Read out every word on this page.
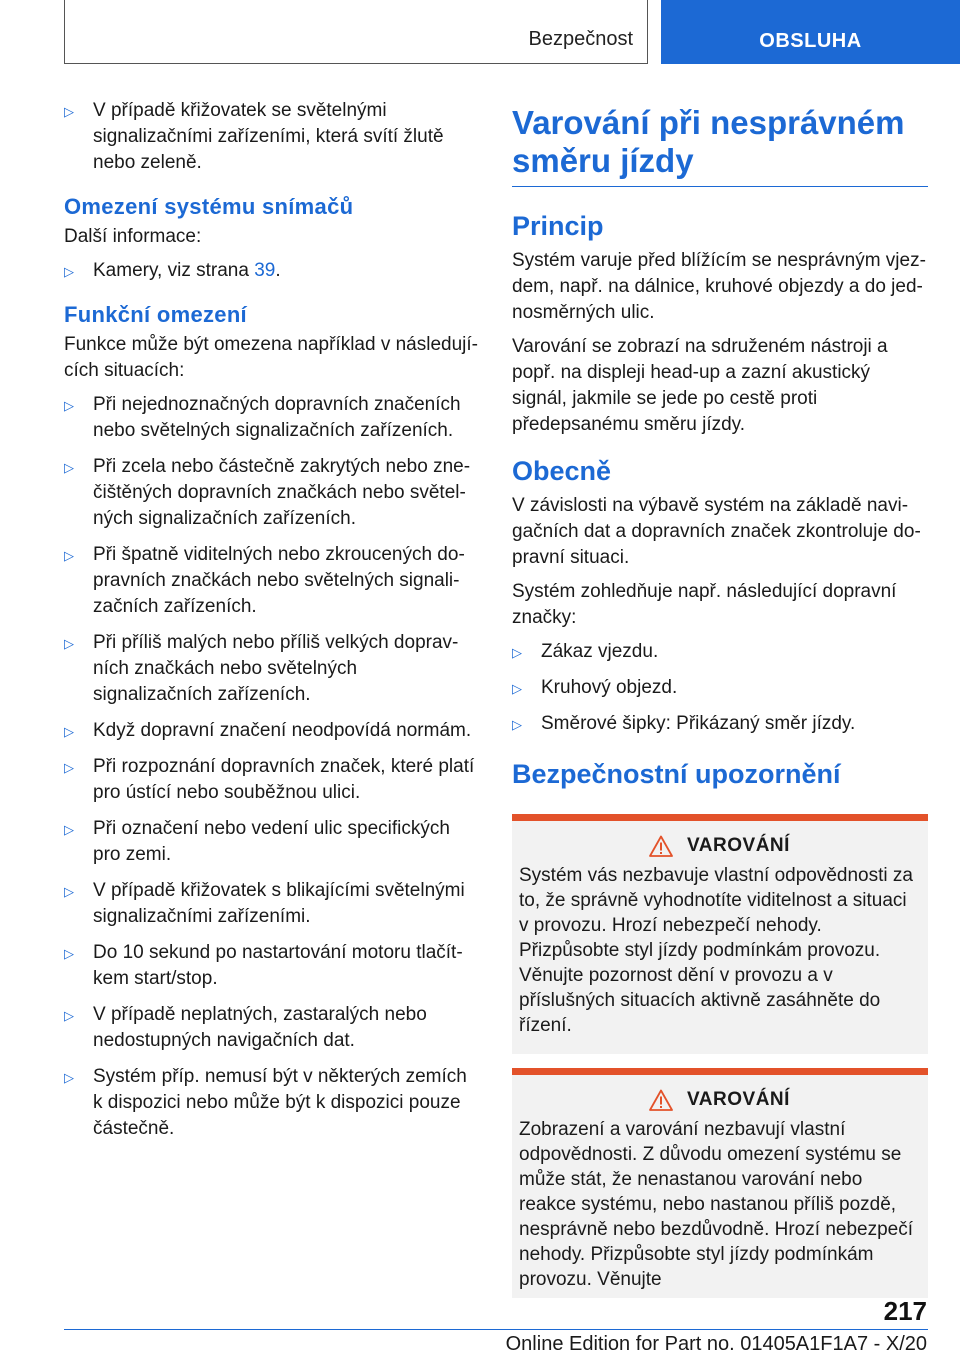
Bezpečnost	OBSLUHA
▷ V případě křižovatek se světelnými signalizačními zařízeními, která svítí žlutě nebo zeleně.
Omezení systému snímačů

Další informace:

▷ Kamery, viz strana 39.
Funkční omezení

Funkce může být omezena například v následujících situacích:

▷ Při nejednoznačných dopravních značeních nebo světelných signalizačních zařízeních.
▷ Při zcela nebo částečně zakrytých nebo znečištěných dopravních značkách nebo světelných signalizačních zařízeních.
▷ Při špatně viditelných nebo zkroucených dopravních značkách nebo světelných signalizačních zařízeních.
▷ Při příliš malých nebo příliš velkých dopravních značkách nebo světelných signalizačních zařízeních.
▷ Když dopravní značení neodpovídá normám.
▷ Při rozpoznání dopravních značek, které platí pro ústící nebo souběžnou ulici.
▷ Při označení nebo vedení ulic specifických pro zemi.
▷ V případě křižovatek s blikajícími světelnými signalizačními zařízeními.
▷ Do 10 sekund po nastartování motoru tlačítkem start/stop.
▷ V případě neplatných, zastaralých nebo nedostupných navigačních dat.
▷ Systém příp. nemusí být v některých zemích k dispozici nebo může být k dispozici pouze částečně.
Varování při nesprávném směru jízdy
Princip

Systém varuje před blížícím se nesprávným vjezdem, např. na dálnice, kruhové objezdy a do jednosměrných ulic.

Varování se zobrazí na sdruženém nástroji a popř. na displeji head-up a zazní akustický signál, jakmile se jede po cestě proti předepsanému směru jízdy.

Obecně

V závislosti na výbavě systém na základě navigačních dat a dopravních značek zkontroluje dopravní situaci.

Systém zohledňuje např. následující dopravní značky:

▷ Zákaz vjezdu.
▷ Kruhový objezd.
▷ Směrové šipky: Přikázaný směr jízdy.
Bezpečnostní upozornění
VAROVÁNÍ

Systém vás nezbavuje vlastní odpovědnosti za to, že správně vyhodnotíte viditelnost a situaci v provozu. Hrozí nebezpečí nehody. Přizpůsobte styl jízdy podmínkám provozu. Věnujte pozornost dění v provozu a v příslušných situacích aktivně zasáhněte do řízení.

VAROVÁNÍ

Zobrazení a varování nezbavují vlastní odpovědnosti. Z důvodu omezení systému se může stát, že nenastanou varování nebo reakce systému, nebo nastanou příliš pozdě, nesprávně nebo bezdůvodně. Hrozí nebezpečí nehody. Přizpůsobte styl jízdy podmínkám provozu. Věnujte

217
Online Edition for Part no. 01405A1F1A7 - X/20
